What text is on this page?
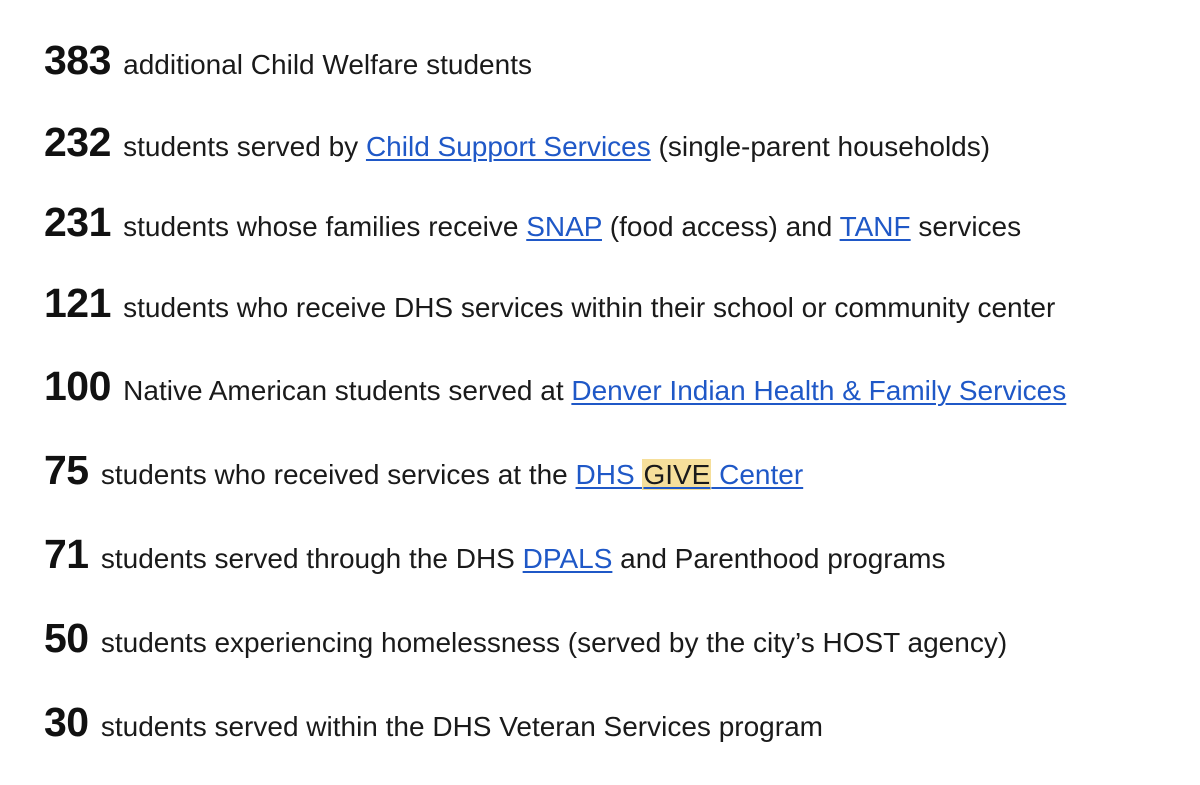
383  additional Child Welfare students
232  students served by Child Support Services (single-parent households)
231  students whose families receive SNAP (food access) and TANF services
121  students who receive DHS services within their school or community center
100  Native American students served at Denver Indian Health & Family Services
75  students who received services at the DHS GIVE Center
71  students served through the DHS DPALS and Parenthood programs
50  students experiencing homelessness (served by the city’s HOST agency)
30  students served within the DHS Veteran Services program
